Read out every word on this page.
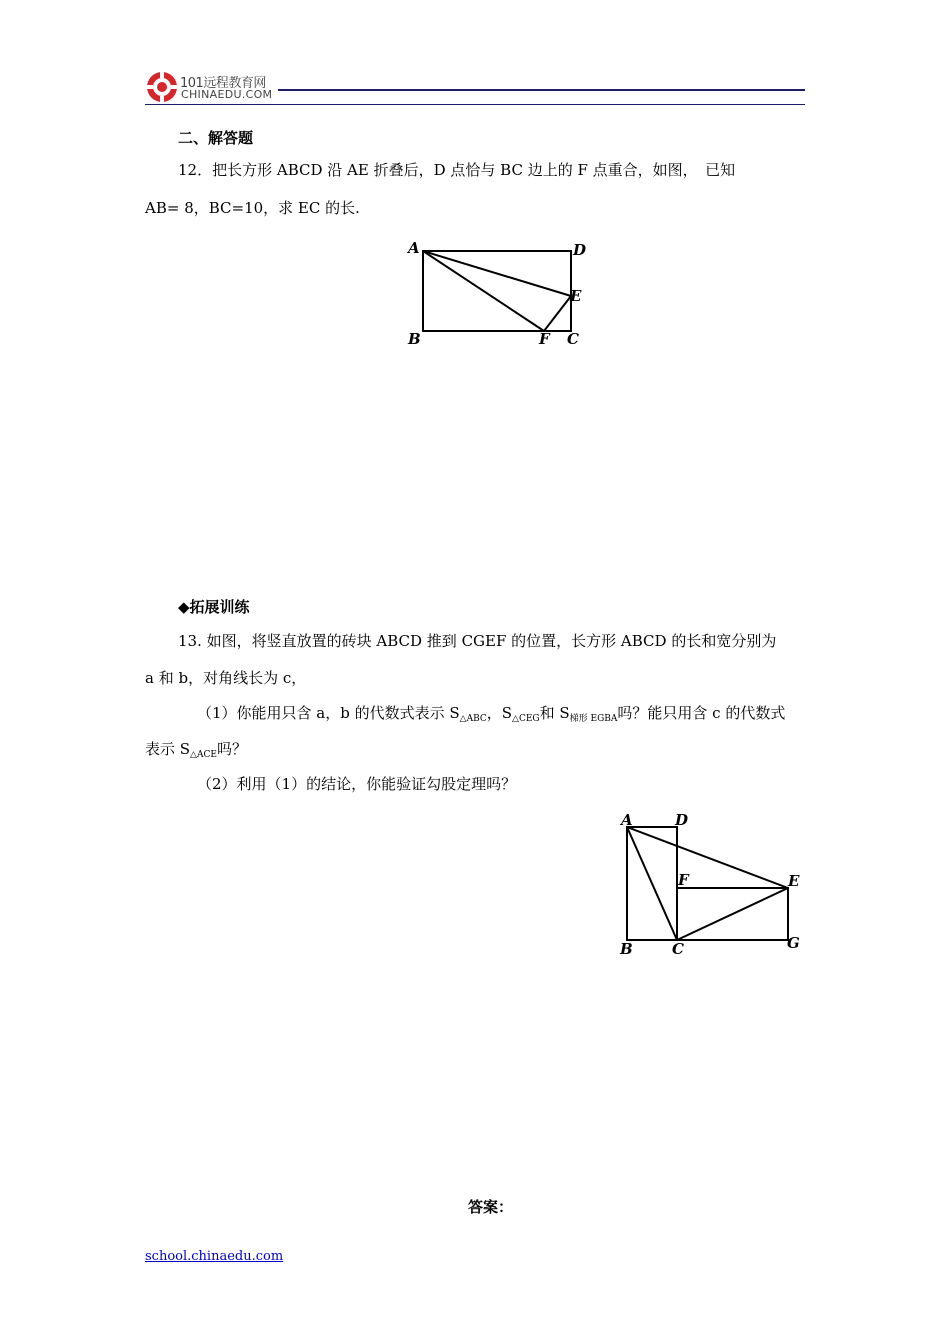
101远程教育网
CHINAEDU.COM
二、解答题
12．把长方形 ABCD 沿 AE 折叠后，D 点恰与 BC 边上的 F 点重合，如图，　已知
AB= 8，BC=10，求 EC 的长.
A	D
E
B	F C
◆拓展训练
13. 如图，将竖直放置的砖块 ABCD 推到 CGEF 的位置，长方形 ABCD 的长和宽分别为
a 和 b，对角线长为 c，
（1）你能用只含 a，b 的代数式表示 $S_{\triangle ABC}$，$S_{\triangle CEG}$和 $S_{梯形 EGBA}$吗？能只用含 c 的代数式
表示 $S_{\triangle ACE}$吗？
（2）利用（1）的结论，你能验证勾股定理吗？
A	D
F	E
B	C	G
答案：
school.chinaedu.com
